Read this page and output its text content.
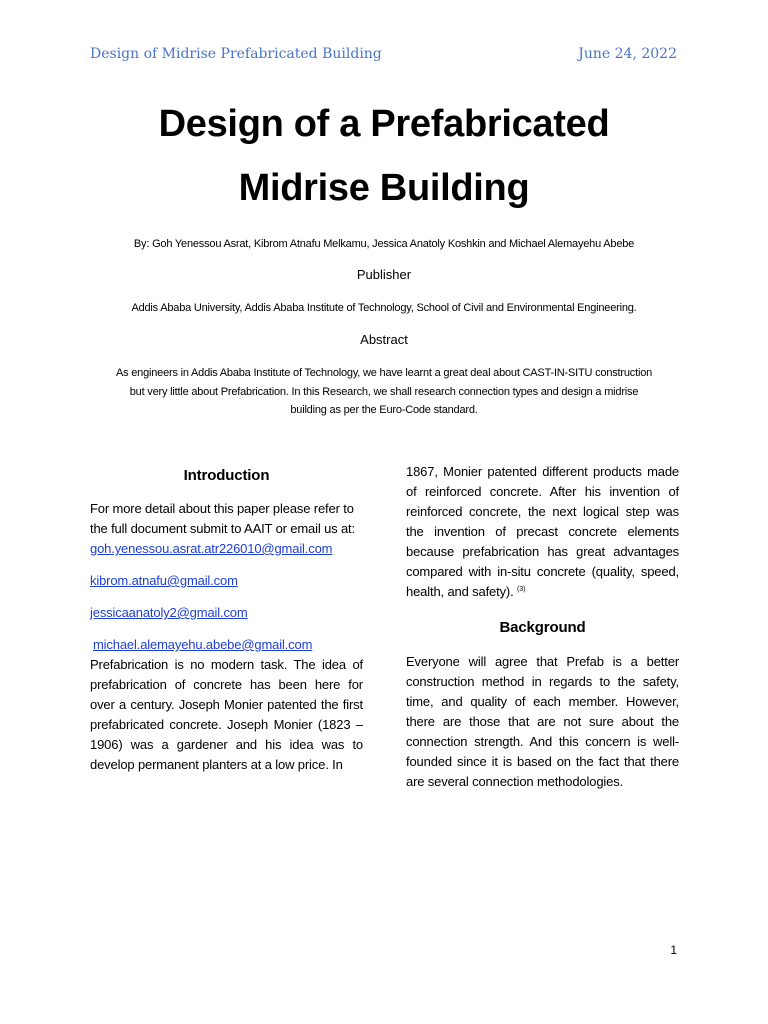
Design of Midrise Prefabricated Building	June 24, 2022
Design of a Prefabricated
Midrise Building

By: Goh Yenessou Asrat, Kibrom Atnafu Melkamu, Jessica Anatoly Koshkin and Michael Alemayehu Abebe

Publisher

Addis Ababa University, Addis Ababa Institute of Technology, School of Civil and Environmental Engineering.

Abstract

As engineers in Addis Ababa Institute of Technology, we have learnt a great deal about CAST-IN-SITU construction
but very little about Prefabrication. In this Research, we shall research connection types and design a midrise
building as per the Euro-Code standard.

Introduction

For more detail about this paper please refer to the full document submit to AAIT or email us at:

goh.yenessou.asrat.atr226010@gmail.com
kibrom.atnafu@gmail.com
jessicaanatoly2@gmail.com
michael.alemayehu.abebe@gmail.com

Prefabrication is no modern task. The idea of prefabrication of concrete has been here for over a century. Joseph Monier patented the first prefabricated concrete. Joseph Monier (1823 – 1906) was a gardener and his idea was to develop permanent planters at a low price. In

1867, Monier patented different products made of reinforced concrete. After his invention of reinforced concrete, the next logical step was the invention of precast concrete elements because prefabrication has great advantages compared with in-situ concrete (quality, speed, health, and safety). $^{(3)}$

Background

Everyone will agree that Prefab is a better construction method in regards to the safety, time, and quality of each member. However, there are those that are not sure about the connection strength. And this concern is well-founded since it is based on the fact that there are several connection methodologies.

1
